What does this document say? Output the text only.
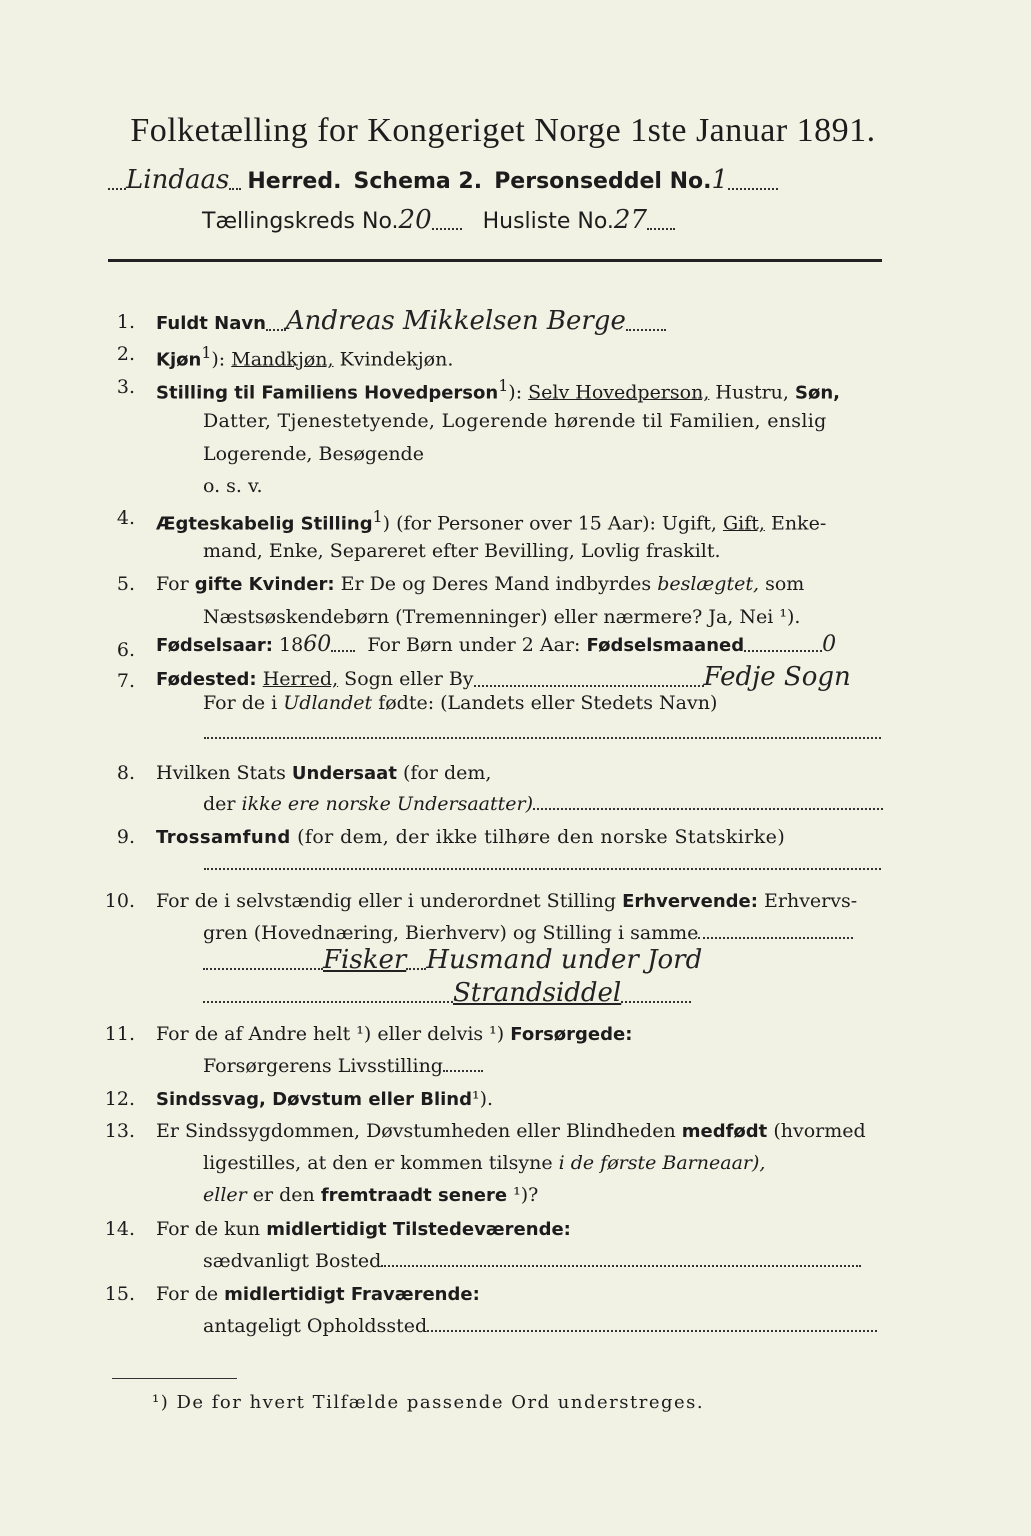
Folketælling for Kongeriget Norge 1ste Januar 1891.
Lindaas Herred. Schema 2. Personseddel No.1
Tællingskreds No.20 Husliste No.27
1. Fuldt Navn Andreas Mikkelsen Berge
2. Kjøn$^1$): Mandkjøn, Kvindekjøn.
3. Stilling til Familiens Hovedperson$^1$): Selv Hovedperson, Hustru, Søn,
Datter, Tjenestetyende, Logerende hørende til Familien, enslig
Logerende, Besøgende
o. s. v.
4. Ægteskabelig Stilling$^1$) (for Personer over 15 Aar): Ugift, Gift, Enke-
mand, Enke, Separeret efter Bevilling, Lovlig fraskilt.
5. For gifte Kvinder: Er De og Deres Mand indbyrdes beslægtet, som
Næstsøskendebørn (Tremenninger) eller nærmere? Ja, Nei ¹).
6. Fødselsaar: 1860 For Børn under 2 Aar: Fødselsmaaned	0
7. Fødested: Herred, Sogn eller By	Fedje Sogn
For de i Udlandet fødte: (Landets eller Stedets Navn)
8. Hvilken Stats Undersaat (for dem,
der ikke ere norske Undersaatter)
9. Trossamfund (for dem, der ikke tilhøre den norske Statskirke)
10. For de i selvstændig eller i underordnet Stilling Erhvervende: Erhvervs-
gren (Hovednæring, Bierhverv) og Stilling i samme
Fisker Husmand under Jord
Strandsiddel
11. For de af Andre helt ¹) eller delvis ¹) Forsørgede:
Forsørgerens Livsstilling
12. Sindssvag, Døvstum eller Blind¹).
13. Er Sindssygdommen, Døvstumheden eller Blindheden medfødt (hvormed
ligestilles, at den er kommen tilsyne i de første Barneaar),
eller er den fremtraadt senere ¹)?
14. For de kun midlertidigt Tilstedeværende:
sædvanligt Bosted
15. For de midlertidigt Fraværende:
antageligt Opholdssted
¹) De for hvert Tilfælde passende Ord understreges.
